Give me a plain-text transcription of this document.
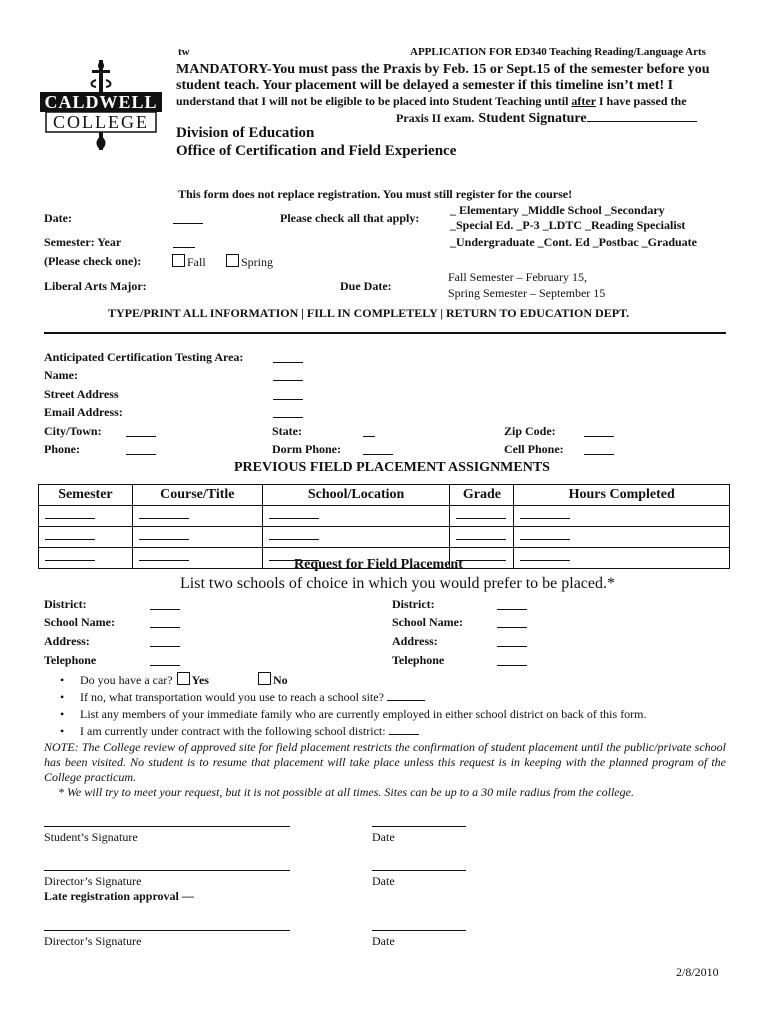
CALDWELL
COLLEGE
tw	APPLICATION FOR ED340 Teaching Reading/Language Arts
MANDATORY-You must pass the Praxis by Feb. 15 or Sept.15 of the semester before you
student teach. Your placement will be delayed a semester if this timeline isn’t met! I
understand that I will not be eligible to be placed into Student Teaching until after I have passed the
Praxis II exam. Student Signature
Division of Education
Office of Certification and Field Experience
This form does not replace registration. You must still register for the course!
Date:	Please check all that apply:
_ Elementary _Middle School _Secondary
_Special Ed. _P-3 _LDTC _Reading Specialist
_Undergraduate _Cont. Ed _Postbac _Graduate
Semester: Year
(Please check one):	Fall	Spring
Liberal Arts Major:	Due Date:
Fall Semester – February 15,
Spring Semester – September 15
TYPE/PRINT ALL INFORMATION | FILL IN COMPLETELY | RETURN TO EDUCATION DEPT.
Anticipated Certification Testing Area:
Name:
Street Address
Email Address:
City/Town:	State:	Zip Code:
Phone:	Dorm Phone:	Cell Phone:
PREVIOUS FIELD PLACEMENT ASSIGNMENTS
Semester	Course/Title	School/Location	Grade	Hours Completed

Request for Field Placement
List two schools of choice in which you would prefer to be placed.*
District:	District:
School Name:	School Name:
Address:	Address:
Telephone	Telephone
• Do you have a car? Yes	No
• If no, what transportation would you use to reach a school site?
• List any members of your immediate family who are currently employed in either school district on back of this form.
• I am currently under contract with the following school district:
NOTE: The College review of approved site for field placement restricts the confirmation of student placement until the public/private school has been visited. No student is to resume that placement will take place unless this request is in keeping with the planned program of the College practicum.
* We will try to meet your request, but it is not possible at all times. Sites can be up to a 30 mile radius from the college.
Student’s Signature	Date
Director’s Signature	Date
Late registration approval —
Director’s Signature	Date
2/8/2010
